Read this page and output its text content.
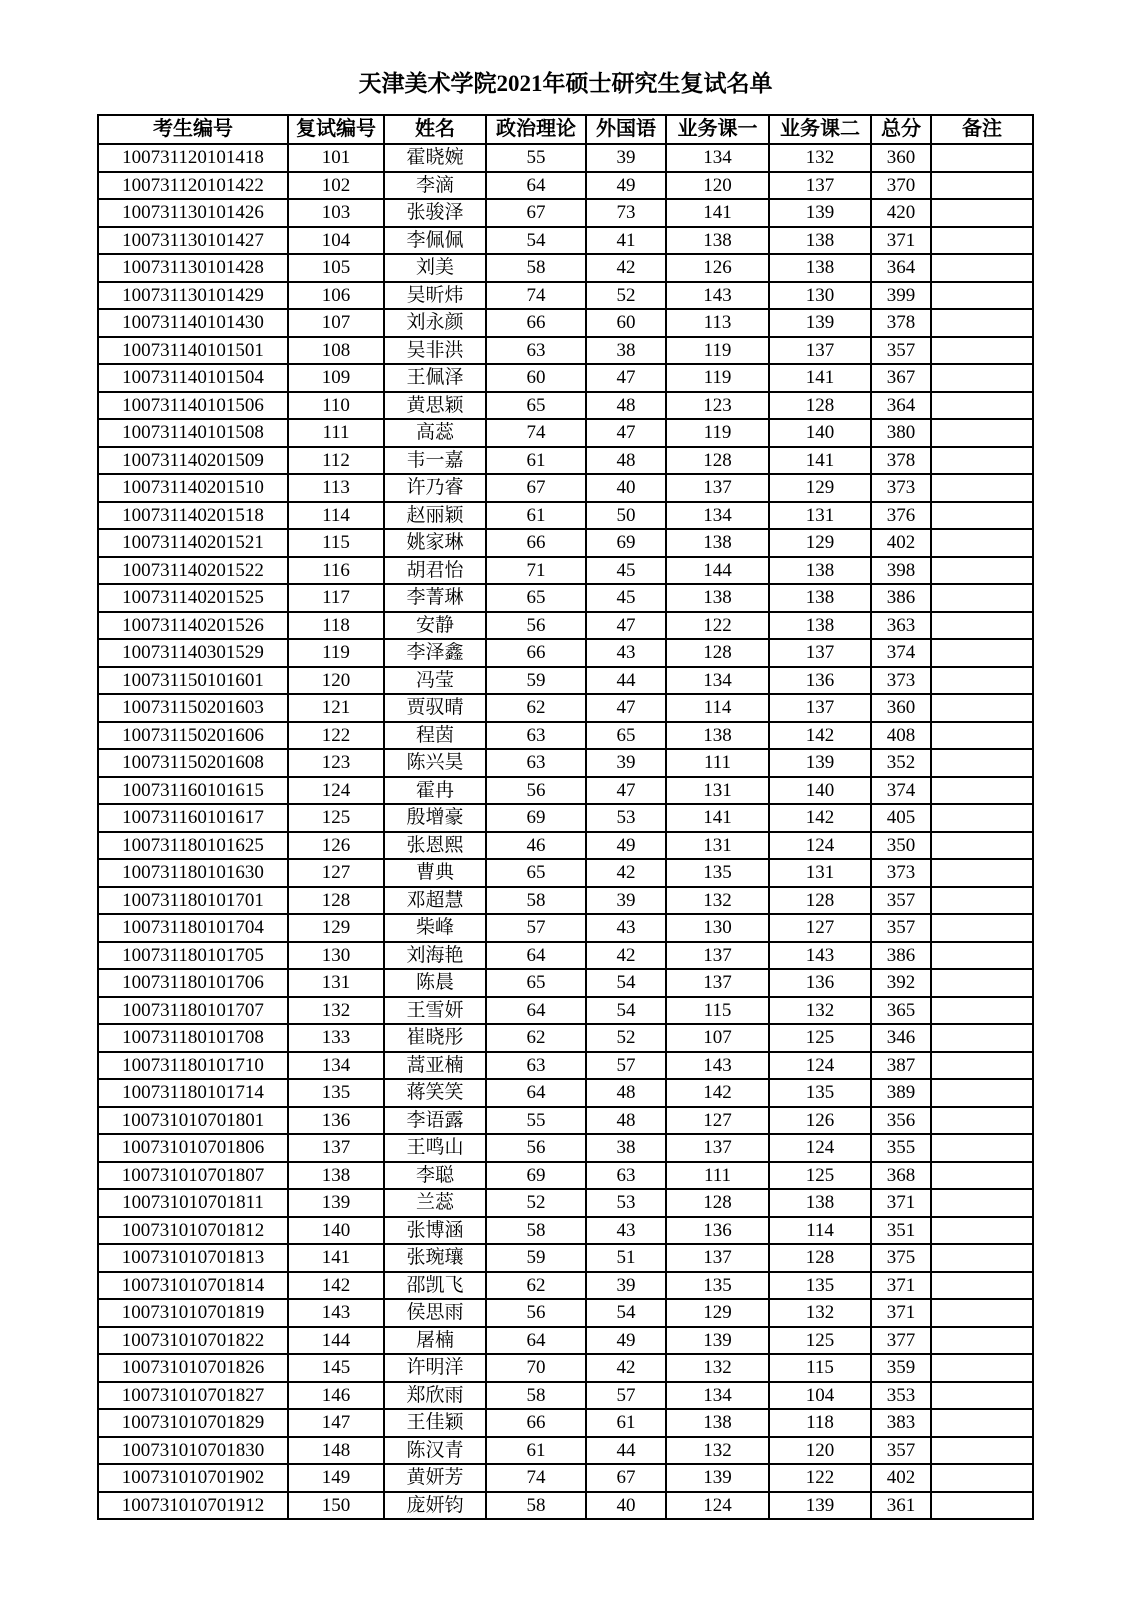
天津美术学院2021年硕士研究生复试名单
考生编号	复试编号	姓名	政治理论	外国语	业务课一	业务课二	总分	备注
100731120101418	101	霍晓婉	55	39	134	132	360	
100731120101422	102	李滴	64	49	120	137	370	
100731130101426	103	张骏泽	67	73	141	139	420	
100731130101427	104	李佩佩	54	41	138	138	371	
100731130101428	105	刘美	58	42	126	138	364	
100731130101429	106	吴昕炜	74	52	143	130	399	
100731140101430	107	刘永颜	66	60	113	139	378	
100731140101501	108	吴非洪	63	38	119	137	357	
100731140101504	109	王佩泽	60	47	119	141	367	
100731140101506	110	黄思颖	65	48	123	128	364	
100731140101508	111	高蕊	74	47	119	140	380	
100731140201509	112	韦一嘉	61	48	128	141	378	
100731140201510	113	许乃睿	67	40	137	129	373	
100731140201518	114	赵丽颖	61	50	134	131	376	
100731140201521	115	姚家琳	66	69	138	129	402	
100731140201522	116	胡君怡	71	45	144	138	398	
100731140201525	117	李菁琳	65	45	138	138	386	
100731140201526	118	安静	56	47	122	138	363	
100731140301529	119	李泽鑫	66	43	128	137	374	
100731150101601	120	冯莹	59	44	134	136	373	
100731150201603	121	贾驭晴	62	47	114	137	360	
100731150201606	122	程茵	63	65	138	142	408	
100731150201608	123	陈兴昊	63	39	111	139	352	
100731160101615	124	霍冉	56	47	131	140	374	
100731160101617	125	殷增豪	69	53	141	142	405	
100731180101625	126	张恩熙	46	49	131	124	350	
100731180101630	127	曹典	65	42	135	131	373	
100731180101701	128	邓超慧	58	39	132	128	357	
100731180101704	129	柴峰	57	43	130	127	357	
100731180101705	130	刘海艳	64	42	137	143	386	
100731180101706	131	陈晨	65	54	137	136	392	
100731180101707	132	王雪妍	64	54	115	132	365	
100731180101708	133	崔晓彤	62	52	107	125	346	
100731180101710	134	蒿亚楠	63	57	143	124	387	
100731180101714	135	蒋笑笑	64	48	142	135	389	
100731010701801	136	李语露	55	48	127	126	356	
100731010701806	137	王鸣山	56	38	137	124	355	
100731010701807	138	李聪	69	63	111	125	368	
100731010701811	139	兰蕊	52	53	128	138	371	
100731010701812	140	张博涵	58	43	136	114	351	
100731010701813	141	张琬瓖	59	51	137	128	375	
100731010701814	142	邵凯飞	62	39	135	135	371	
100731010701819	143	侯思雨	56	54	129	132	371	
100731010701822	144	屠楠	64	49	139	125	377	
100731010701826	145	许明洋	70	42	132	115	359	
100731010701827	146	郑欣雨	58	57	134	104	353	
100731010701829	147	王佳颖	66	61	138	118	383	
100731010701830	148	陈汉青	61	44	132	120	357	
100731010701902	149	黄妍芳	74	67	139	122	402	
100731010701912	150	庞妍钧	58	40	124	139	361	
